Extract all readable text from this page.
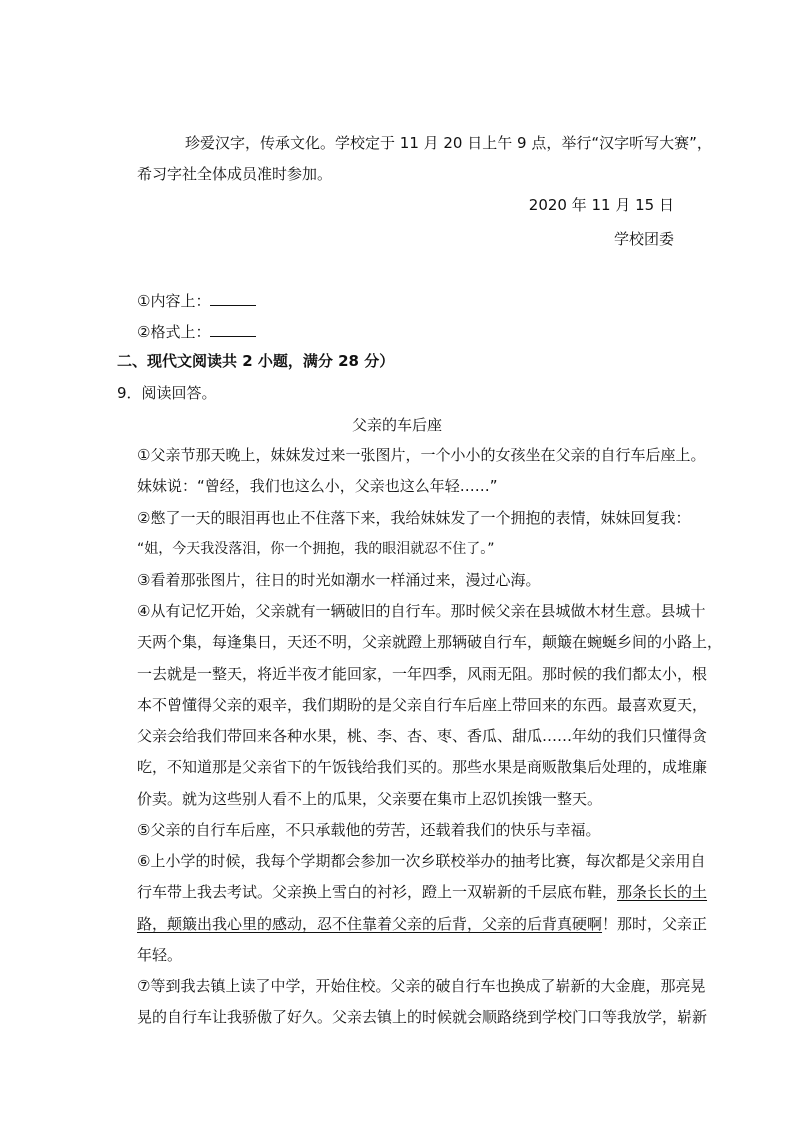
珍爱汉字，传承文化。学校定于 11 月 20 日上午 9 点，举行“汉字听写大赛”，
希习字社全体成员准时参加。
2020 年 11 月 15 日
学校团委
①内容上：
②格式上：
二、现代文阅读共 2 小题，满分 28 分）
9．阅读回答。
父亲的车后座
①父亲节那天晚上，妹妹发过来一张图片，一个小小的女孩坐在父亲的自行车后座上。
妹妹说：“曾经，我们也这么小，父亲也这么年轻……”
②憋了一天的眼泪再也止不住落下来，我给妹妹发了一个拥抱的表情，妹妹回复我：
“姐，今天我没落泪，你一个拥抱，我的眼泪就忍不住了。”
③看着那张图片，往日的时光如潮水一样涌过来，漫过心海。
④从有记忆开始，父亲就有一辆破旧的自行车。那时候父亲在县城做木材生意。县城十
天两个集，每逢集日，天还不明，父亲就蹬上那辆破自行车，颠簸在蜿蜒乡间的小路上，
一去就是一整天，将近半夜才能回家，一年四季，风雨无阻。那时候的我们都太小，根
本不曾懂得父亲的艰辛，我们期盼的是父亲自行车后座上带回来的东西。最喜欢夏天，
父亲会给我们带回来各种水果，桃、李、杏、枣、香瓜、甜瓜……年幼的我们只懂得贪
吃，不知道那是父亲省下的午饭钱给我们买的。那些水果是商贩散集后处理的，成堆廉
价卖。就为这些别人看不上的瓜果，父亲要在集市上忍饥挨饿一整天。
⑤父亲的自行车后座，不只承载他的劳苦，还载着我们的快乐与幸福。
⑥上小学的时候，我每个学期都会参加一次乡联校举办的抽考比赛，每次都是父亲用自
行车带上我去考试。父亲换上雪白的衬衫，蹬上一双崭新的千层底布鞋，那条长长的土
路，颠簸出我心里的感动，忍不住靠着父亲的后背，父亲的后背真硬啊！那时，父亲正
年轻。
⑦等到我去镇上读了中学，开始住校。父亲的破自行车也换成了崭新的大金鹿，那亮晃
晃的自行车让我骄傲了好久。父亲去镇上的时候就会顺路绕到学校门口等我放学，崭新
